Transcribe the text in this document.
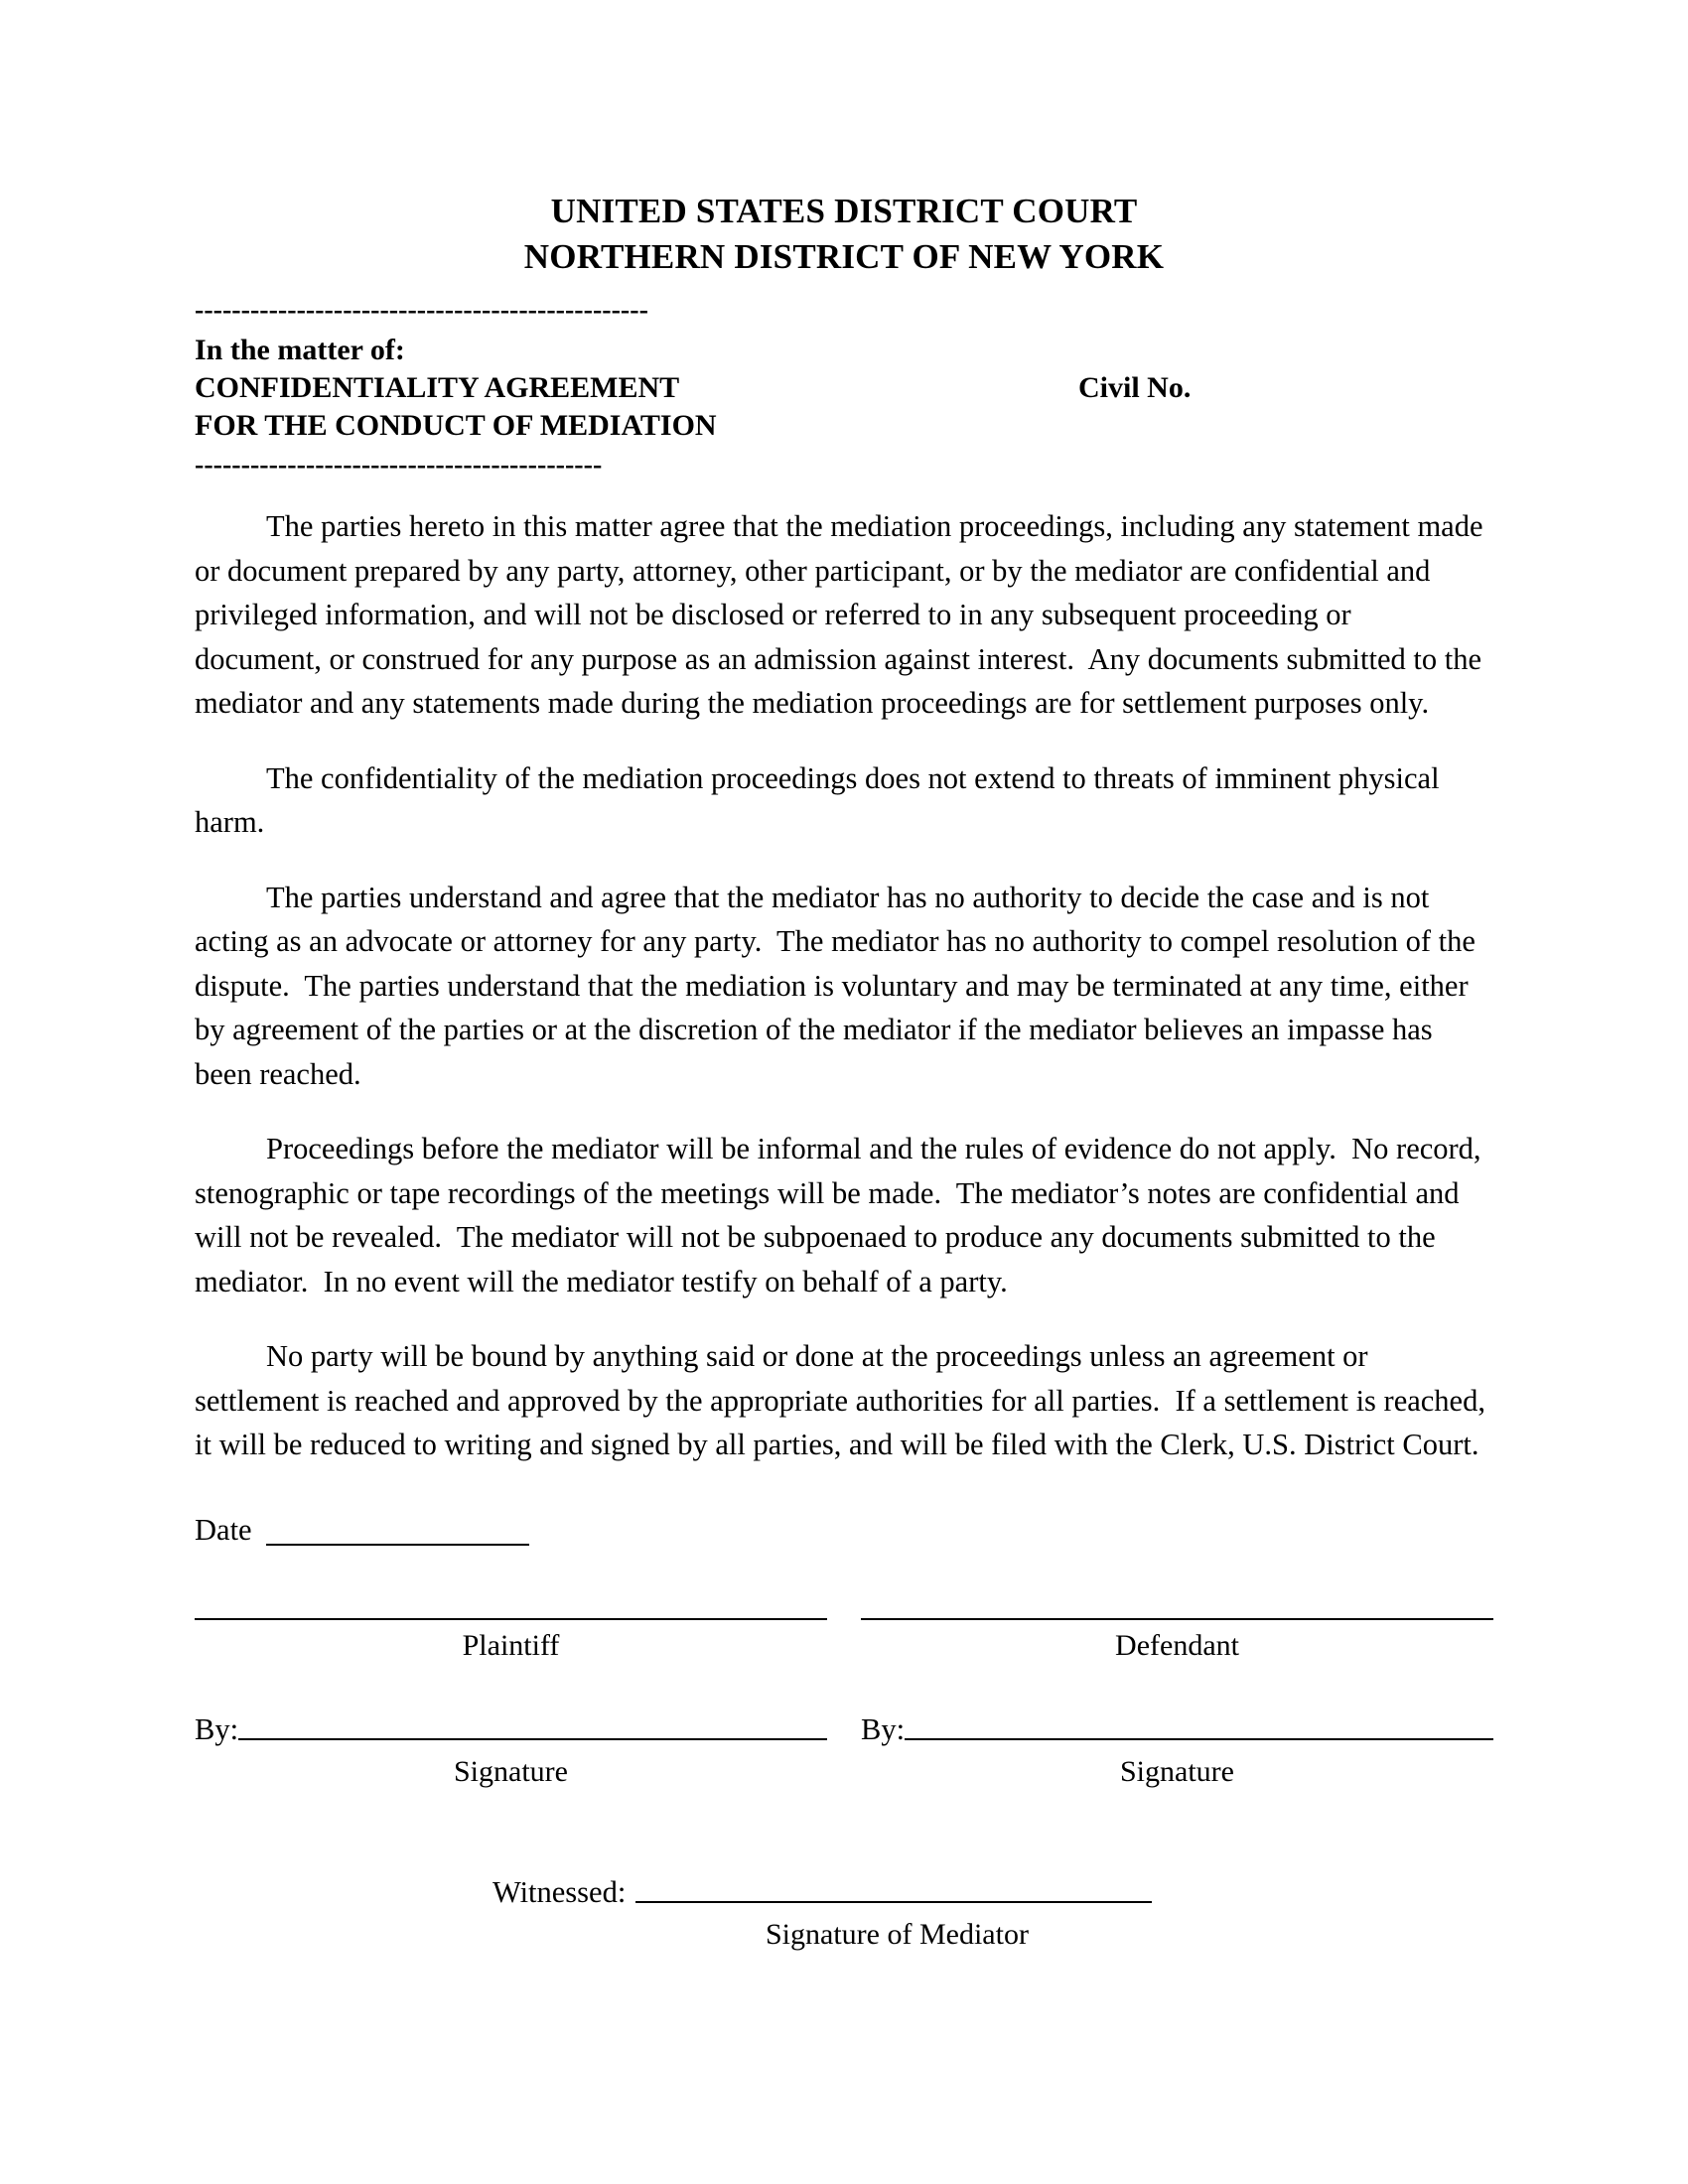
UNITED STATES DISTRICT COURT
NORTHERN DISTRICT OF NEW YORK
-------------------------------------------------
In the matter of:
CONFIDENTIALITY AGREEMENT	Civil No.
FOR THE CONDUCT OF MEDIATION
--------------------------------------------

The parties hereto in this matter agree that the mediation proceedings, including any statement made or document prepared by any party, attorney, other participant, or by the mediator are confidential and privileged information, and will not be disclosed or referred to in any subsequent proceeding or document, or construed for any purpose as an admission against interest.  Any documents submitted to the mediator and any statements made during the mediation proceedings are for settlement purposes only.

The confidentiality of the mediation proceedings does not extend to threats of imminent physical harm.

The parties understand and agree that the mediator has no authority to decide the case and is not acting as an advocate or attorney for any party.  The mediator has no authority to compel resolution of the dispute.  The parties understand that the mediation is voluntary and may be terminated at any time, either by agreement of the parties or at the discretion of the mediator if the mediator believes an impasse has been reached.

Proceedings before the mediator will be informal and the rules of evidence do not apply.  No record, stenographic or tape recordings of the meetings will be made.  The mediator’s notes are confidential and will not be revealed.  The mediator will not be subpoenaed to produce any documents submitted to the mediator.  In no event will the mediator testify on behalf of a party.

No party will be bound by anything said or done at the proceedings unless an agreement or settlement is reached and approved by the appropriate authorities for all parties.  If a settlement is reached, it will be reduced to writing and signed by all parties, and will be filed with the Clerk, U.S. District Court.

Date
Plaintiff
By:
Signature
Defendant
By:
Signature
Witnessed:
Signature of Mediator
